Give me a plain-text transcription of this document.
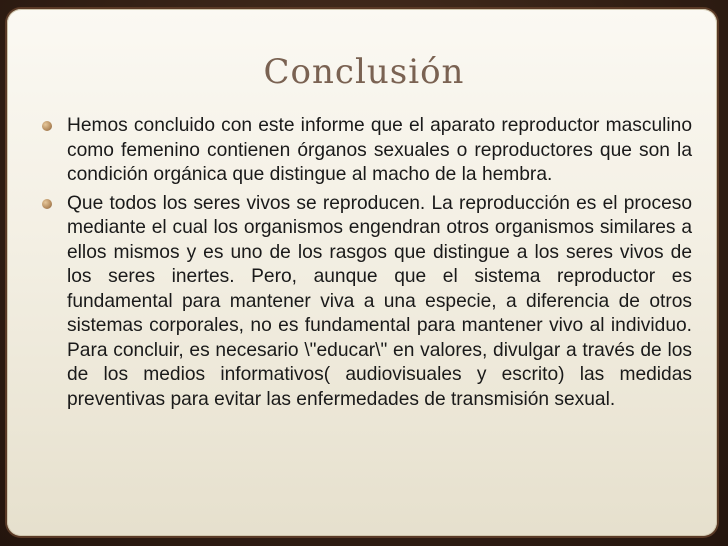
Conclusión
Hemos concluido con este informe que el aparato reproductor masculino como femenino contienen órganos sexuales o reproductores que son la condición orgánica que distingue al macho de la hembra.
Que todos los seres vivos se reproducen. La reproducción es el proceso mediante el cual los organismos engendran otros organismos similares a ellos mismos y es uno de los rasgos que distingue a los seres vivos de los seres inertes. Pero, aunque que el sistema reproductor es fundamental para mantener viva a una especie, a diferencia de otros sistemas corporales, no es fundamental para mantener vivo al individuo. Para concluir, es necesario \"educar\" en valores, divulgar a través de los de los medios informativos( audiovisuales y escrito) las medidas preventivas para evitar las enfermedades de transmisión sexual.
